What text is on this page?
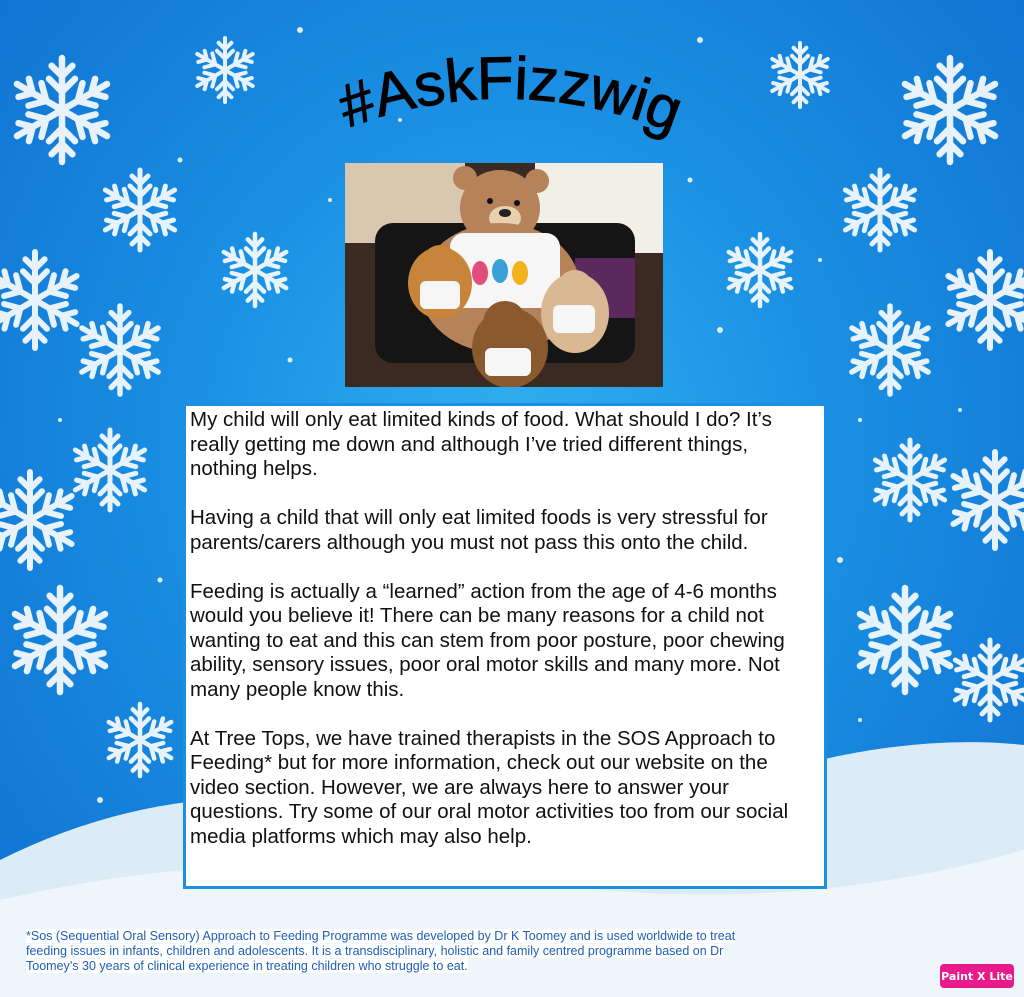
#AskFizzwig

My child will only eat limited kinds of food. What should I do? It’s really getting me down and although I’ve tried different things, nothing helps.

Having a child that will only eat limited foods is very stressful for parents/carers although you must not pass this onto the child.

Feeding is actually a “learned” action from the age of 4-6 months would you believe it! There can be many reasons for a child not wanting to eat and this can stem from poor posture, poor chewing ability, sensory issues, poor oral motor skills and many more. Not many people know this.

At Tree Tops, we have trained therapists in the SOS Approach to Feeding* but for more information, check out our website on the video section. However, we are always here to answer your questions. Try some of our oral motor activities too from our social media platforms which may also help.

*Sos (Sequential Oral Sensory) Approach to Feeding Programme was developed by Dr K Toomey and is used worldwide to treat feeding issues in infants, children and adolescents. It is a transdisciplinary, holistic and family centred programme based on Dr Toomey’s 30 years of clinical experience in treating children who struggle to eat.
Paint X Lite
